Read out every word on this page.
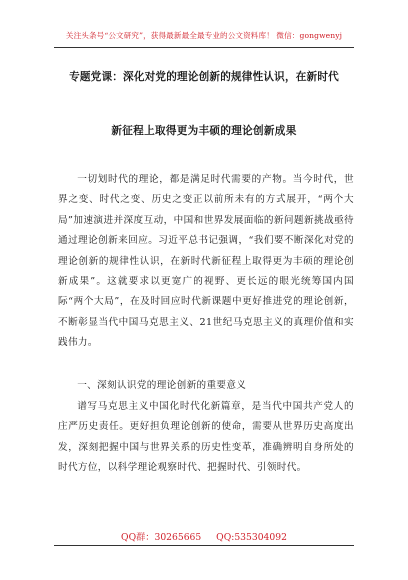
关注头条号“公文研究”，获得最新最全最专业的公文资料库！ 微信：gongwenyj
专题党课：深化对党的理论创新的规律性认识，在新时代
新征程上取得更为丰硕的理论创新成果

一切划时代的理论，都是满足时代需要的产物。当今时代，世界之变、时代之变、历史之变正以前所未有的方式展开，“两个大局”加速演进并深度互动，中国和世界发展面临的新问题新挑战亟待通过理论创新来回应。习近平总书记强调，“我们要不断深化对党的理论创新的规律性认识，在新时代新征程上取得更为丰硕的理论创新成果”。这就要求以更宽广的视野、更长远的眼光统筹国内国际“两个大局”，在及时回应时代新课题中更好推进党的理论创新，不断彰显当代中国马克思主义、21世纪马克思主义的真理价值和实践伟力。

一、深刻认识党的理论创新的重要意义

谱写马克思主义中国化时代化新篇章，是当代中国共产党人的庄严历史责任。更好担负理论创新的使命，需要从世界历史高度出发，深刻把握中国与世界关系的历史性变革，准确辨明自身所处的时代方位，以科学理论观察时代、把握时代、引领时代。

QQ群：30265665 QQ:535304092
